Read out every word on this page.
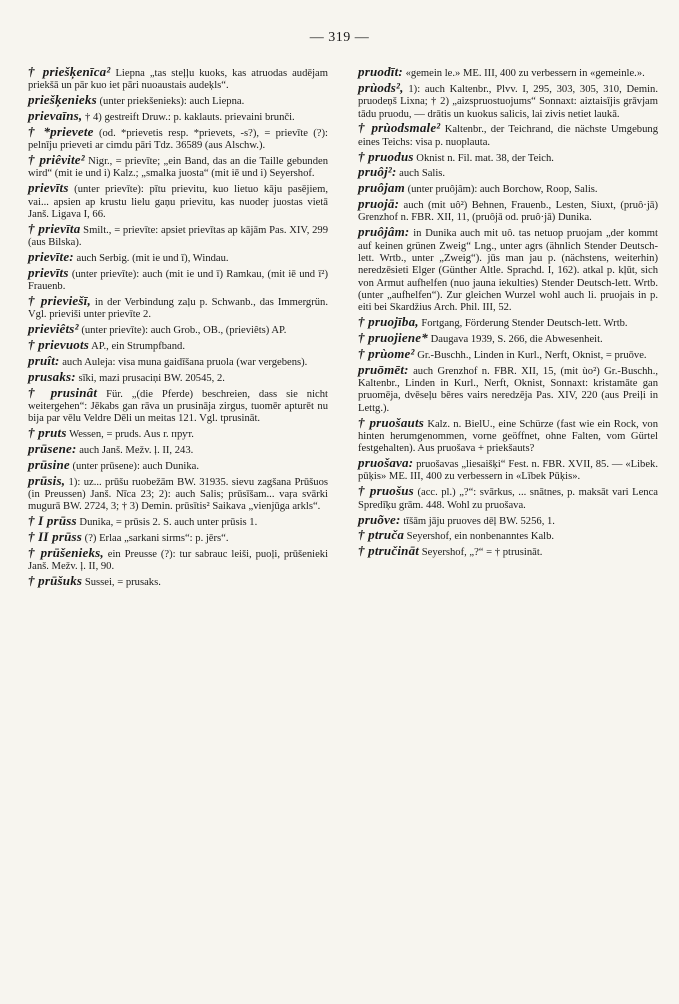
— 319 —

† priešķenīca² Liepna „tas steļļu kuoks, kas atruodas audējam priekšā un pār kuo iet pāri nuoaustais audeķls“.

priešķenieks (unter priekšenieks): auch Liepna.

prievaīns, † 4) gestreift Druw.: p. kaklauts. prievaini brunči.

† *prievete (od. *prievetis resp. *prievets, -s?), = prievīte (?): pelnīju prieveti ar cimdu pāri Tdz. 36589 (aus Alschw.).

† priêvite² Nigr., = prievīte; „ein Band, das an die Taille gebunden wird“ (mit ie und i) Kalz.; „smalka juosta“ (mit iē und i) Seyershof.

prievīts (unter prievīte): pītu prievitu, kuo lietuo kāju pasējiem, vai... apsien ap krustu lielu gaņu prievitu, kas nuodeŗ juostas vietā Janš. Ligava I, 66.

† prievīta Smilt., = prievīte: apsiet prievītas ap kājām Pas. XIV, 299 (aus Bilska).

prievīte: auch Serbig. (mit ie und ī), Windau.

prievīts (unter prievīte): auch (mit ie und ī) Ramkau, (mit iē und ī²) Frauenb.

† prieviešī, in der Verbindung zaļu p. Schwanb., das Immergrün. Vgl. prieviši unter prievīte 2.

prieviêts² (unter prievīte): auch Grob., OB., (prieviêts) AP.

† prievuots AP., ein Strumpfband.

pruît: auch Auleja: visa muna gaidīšana pruola (war vergebens).

prusaks: sīki, mazi prusaciņi BW. 20545, 2.

† prusinât Für. „(die Pferde) beschreien, dass sie nicht weitergehen“: Jēkabs gan rāva un prusināja zirgus, tuomēr apturēt nu bija par vēlu Veldre Dēli un meitas 121. Vgl. tprusināt.

† pruts Wessen, = pruds. Aus r. прут.

prūsene: auch Janš. Mežv. ļ. II, 243.

prūsine (unter prūsene): auch Dunika.

prūsis, 1): uz... prūšu ruobežām BW. 31935. sievu zagšana Prūšuos (in Preussen) Janš. Nīca 23; 2): auch Salis; prūsīšam... vaŗa svārki mugurā BW. 2724, 3; † 3) Demin. prūsītis² Saikava „vienjūga arkls“.

† I prūss Dunika, = prūsis 2. S. auch unter prūsis 1.

† II prūss (?) Erlaa „sarkani sirms“: p. jērs“.

† prūšenieks, ein Preusse (?): tur sabrauc leiši, puoļi, prūšenieki Janš. Mežv. ļ. II, 90.

† prūšuks Sussei, = prusaks.

pruodīt: «gemein le.» ME. III, 400 zu verbessern in «gemeinle.».

prùods², 1): auch Kaltenbr., Plvv. I, 295, 303, 305, 310, Demin. pruodeņš Lixna; † 2) „aizspruostuojums“ Sonnaxt: aiztaisījis grāvjam tādu pruodu, — drātis un kuokus salicis, lai zivis netiet laukā.

† prùodsmale² Kaltenbr., der Teichrand, die nächste Umgebung eines Teichs: visa p. nuoplauta.

† pruodus Oknist n. Fil. mat. 38, der Teich.

pruôj²: auch Salis.

pruôjam (unter pruôjâm): auch Borchow, Roop, Salis.

pruojā: auch (mit uô²) Behnen, Frauenb., Lesten, Siuxt, (pruô·jā) Grenzhof n. FBR. XII, 11, (pruôjā od. pruô·jā) Dunika.

pruôjâm: in Dunika auch mit uô. tas netuop pruojam „der kommt auf keinen grünen Zweig“ Lng., unter agrs (ähnlich Stender Deutsch-lett. Wrtb., unter „Zweig“). jūs man jau p. (nächstens, weiterhin) neredzēsieti Elger (Günther Altle. Sprachd. I, 162). atkal p. kļūt, sich von Armut aufhelfen (nuo jauna iekulties) Stender Deutsch-lett. Wrtb. (unter „aufhelfen“). Zur gleichen Wurzel wohl auch li. pruojais in p. eiti bei Skardžius Arch. Phil. III, 52.

† pruojība, Fortgang, Förderung Stender Deutsch-lett. Wrtb.

† pruojiene* Daugava 1939, S. 266, die Abwesenheit.

† prùome² Gr.-Buschh., Linden in Kurl., Nerft, Oknist, = pruōve.

pruōmēt: auch Grenzhof n. FBR. XII, 15, (mit ùo²) Gr.-Buschh., Kaltenbr., Linden in Kurl., Nerft, Oknist, Sonnaxt: kristamāte gan pruomēja, dvēseļu bēres vairs neredzēja Pas. XIV, 220 (aus Preiļi in Lettg.).

† pruošauts Kalz. n. BielU., eine Schürze (fast wie ein Rock, von hinten herumgenommen, vorne geöffnet, ohne Falten, vom Gürtel festgehalten). Aus pruošava + priekšauts?

pruošava: pruošavas „liesaišķi“ Fest. n. FBR. XVII, 85. — «Libek. pūķis» ME. III, 400 zu verbessern in «Lībek Pūķis».

† pruošus (acc. pl.) „?“: svārkus, ... snātnes, p. maksāt vari Lenca Spredīķu grām. 448. Wohl zu pruošava.

pruõve: tīšām jāju pruoves dēļ BW. 5256, 1.

† ptruča Seyershof, ein nonbenanntes Kalb.

† ptručināt Seyershof, „?“ = † ptrusināt.
